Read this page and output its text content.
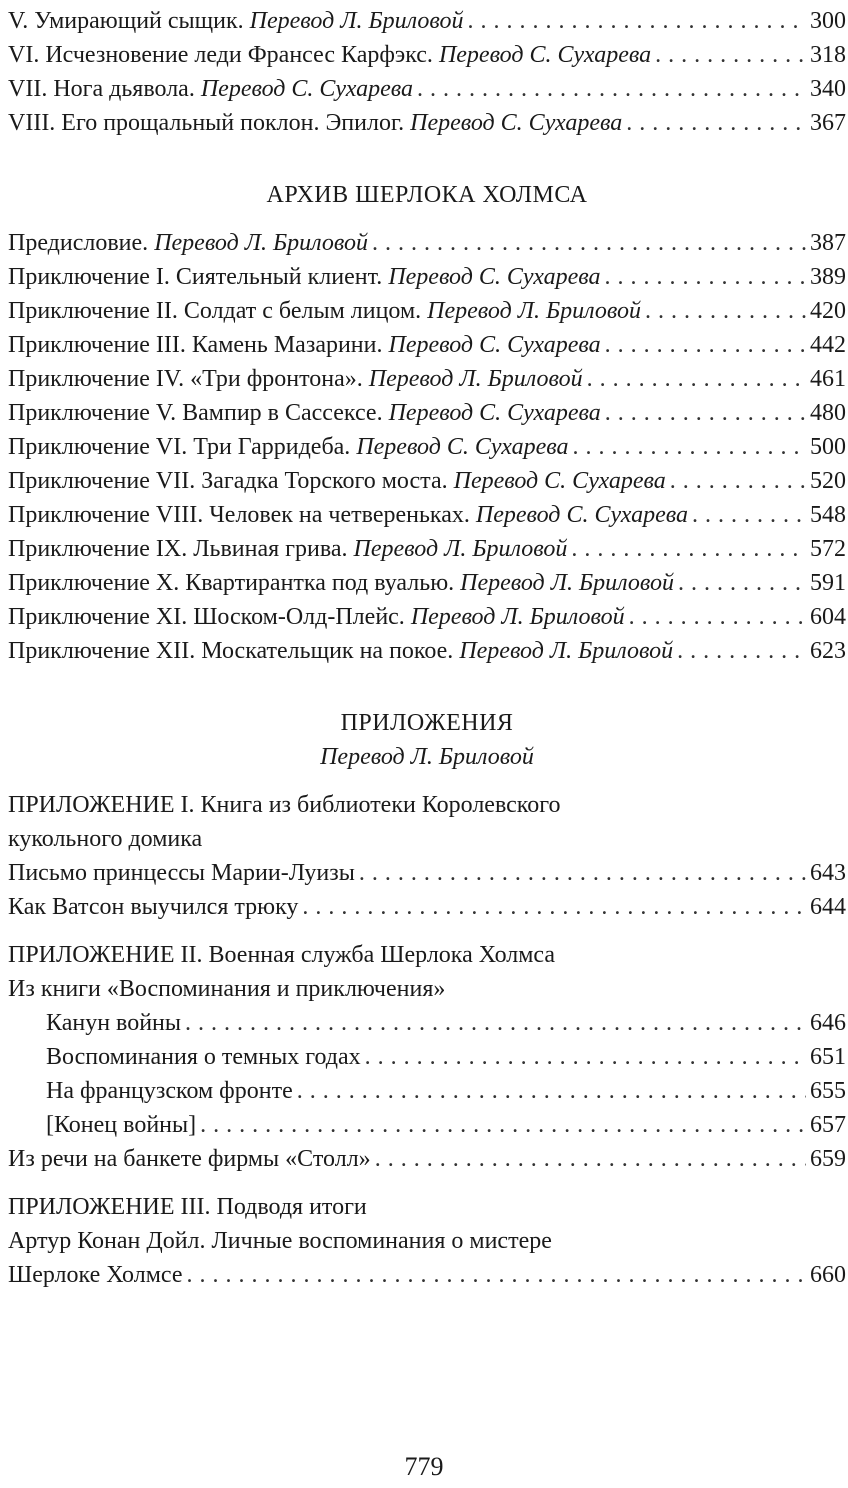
V. Умирающий сыщик. Перевод Л. Бриловой . . .	300
VI. Исчезновение леди Франсес Карфэкс. Перевод С. Сухарева . . .	318
VII. Нога дьявола. Перевод С. Сухарева . . .	340
VIII. Его прощальный поклон. Эпилог. Перевод С. Сухарева . . .	367
АРХИВ ШЕРЛОКА ХОЛМСА
Предисловие. Перевод Л. Бриловой . . .	387
Приключение I. Сиятельный клиент. Перевод С. Сухарева . . .	389
Приключение II. Солдат с белым лицом. Перевод Л. Бриловой . . .	420
Приключение III. Камень Мазарини. Перевод С. Сухарева . . .	442
Приключение IV. «Три фронтона». Перевод Л. Бриловой . . .	461
Приключение V. Вампир в Сассексе. Перевод С. Сухарева . . .	480
Приключение VI. Три Гарридеба. Перевод С. Сухарева . . .	500
Приключение VII. Загадка Торского моста. Перевод С. Сухарева . . .	520
Приключение VIII. Человек на четвереньках. Перевод С. Сухарева . . .	548
Приключение IX. Львиная грива. Перевод Л. Бриловой . . .	572
Приключение X. Квартирантка под вуалью. Перевод Л. Бриловой . . .	591
Приключение XI. Шоском-Олд-Плейс. Перевод Л. Бриловой . . .	604
Приключение XII. Москательщик на покое. Перевод Л. Бриловой . . .	623
ПРИЛОЖЕНИЯ
Перевод Л. Бриловой
ПРИЛОЖЕНИЕ I. Книга из библиотеки Королевского
кукольного домика
Письмо принцессы Марии-Луизы . . .	643
Как Ватсон выучился трюку . . .	644
ПРИЛОЖЕНИЕ II. Военная служба Шерлока Холмса
Из книги «Воспоминания и приключения»
Канун войны . . .	646
Воспоминания о темных годах . . .	651
На французском фронте . . .	655
[Конец войны] . . .	657
Из речи на банкете фирмы «Столл» . . .	659
ПРИЛОЖЕНИЕ III. Подводя итоги
Артур Конан Дойл. Личные воспоминания о мистере
Шерлоке Холмсе . . .	660
779
